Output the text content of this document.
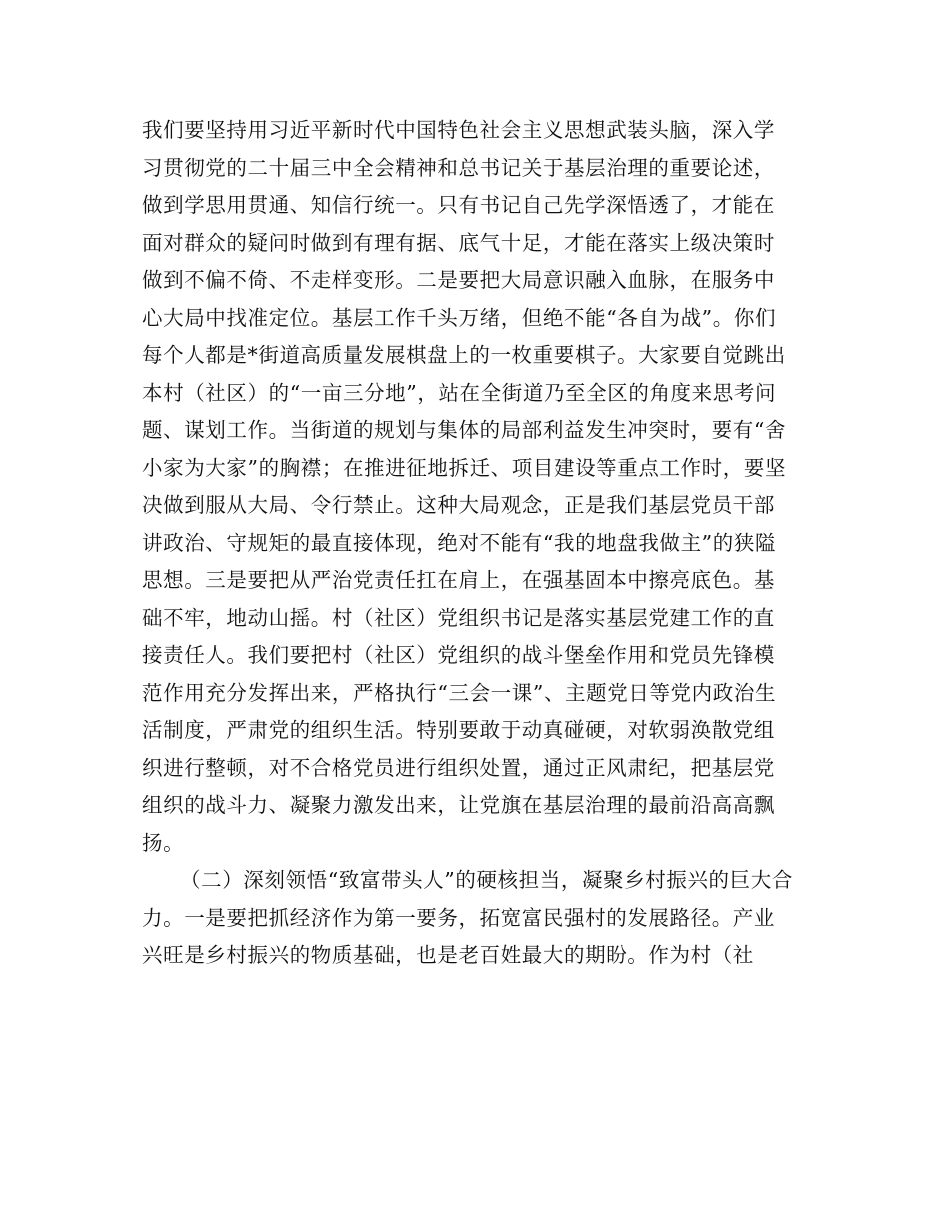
我们要坚持用习近平新时代中国特色社会主义思想武装头脑，深入学
习贯彻党的二十届三中全会精神和总书记关于基层治理的重要论述，
做到学思用贯通、知信行统一。只有书记自己先学深悟透了，才能在
面对群众的疑问时做到有理有据、底气十足，才能在落实上级决策时
做到不偏不倚、不走样变形。二是要把大局意识融入血脉，在服务中
心大局中找准定位。基层工作千头万绪，但绝不能“各自为战”。你们
每个人都是*街道高质量发展棋盘上的一枚重要棋子。大家要自觉跳出
本村（社区）的“一亩三分地”，站在全街道乃至全区的角度来思考问
题、谋划工作。当街道的规划与集体的局部利益发生冲突时，要有“舍
小家为大家”的胸襟；在推进征地拆迁、项目建设等重点工作时，要坚
决做到服从大局、令行禁止。这种大局观念，正是我们基层党员干部
讲政治、守规矩的最直接体现，绝对不能有“我的地盘我做主”的狭隘
思想。三是要把从严治党责任扛在肩上，在强基固本中擦亮底色。基
础不牢，地动山摇。村（社区）党组织书记是落实基层党建工作的直
接责任人。我们要把村（社区）党组织的战斗堡垒作用和党员先锋模
范作用充分发挥出来，严格执行“三会一课”、主题党日等党内政治生
活制度，严肃党的组织生活。特别要敢于动真碰硬，对软弱涣散党组
织进行整顿，对不合格党员进行组织处置，通过正风肃纪，把基层党
组织的战斗力、凝聚力激发出来，让党旗在基层治理的最前沿高高飘
扬。
（二）深刻领悟“致富带头人”的硬核担当，凝聚乡村振兴的巨大合
力。一是要把抓经济作为第一要务，拓宽富民强村的发展路径。产业
兴旺是乡村振兴的物质基础，也是老百姓最大的期盼。作为村（社
